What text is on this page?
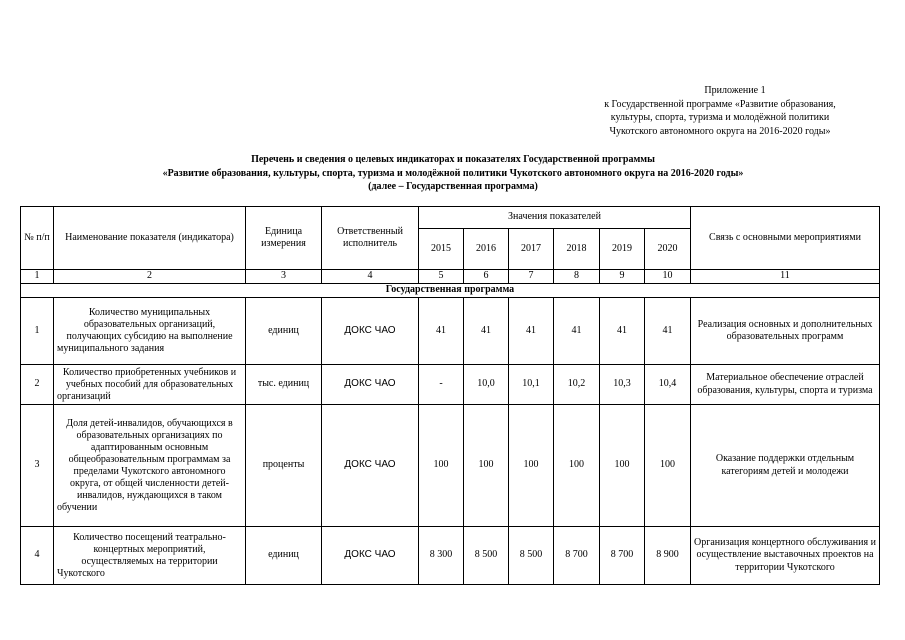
Приложение 1
к Государственной программе «Развитие образования,
культуры, спорта, туризма и молодёжной политики
Чукотского автономного округа на 2016-2020 годы»
Перечень и сведения о целевых индикаторах и показателях Государственной программы
«Развитие образования, культуры, спорта, туризма и молодёжной политики Чукотского автономного округа на 2016-2020 годы»
(далее – Государственная программа)
№ п/п	Наименование показателя (индикатора)	Единица измерения	Ответственный исполнитель	Значения показателей						Связь с основными мероприятиями
				2015	2016	2017	2018	2019	2020	
1	2	3	4	5	6	7	8	9	10	11
Государственная программа										
1	Количество муниципальных образовательных организаций, получающих субсидию на выполнение муниципального задания	единиц	ДОКС ЧАО	41	41	41	41	41	41	Реализация основных и дополнительных образовательных программ
2	Количество приобретенных учебников и учебных пособий для образовательных организаций	тыс. единиц	ДОКС ЧАО	-	10,0	10,1	10,2	10,3	10,4	Материальное обеспечение отраслей образования, культуры, спорта и туризма
3	Доля детей-инвалидов, обучающихся в образовательных организациях по адаптированным основным общеобразовательным программам за пределами Чукотского автономного округа, от общей численности детей-инвалидов, нуждающихся в таком обучении	проценты	ДОКС ЧАО	100	100	100	100	100	100	Оказание поддержки отдельным категориям детей и молодежи
4	Количество посещений театрально-концертных мероприятий, осуществляемых на территории Чукотского	единиц	ДОКС ЧАО	8 300	8 500	8 500	8 700	8 700	8 900	Организация концертного обслуживания и осуществление выставочных проектов на территории Чукотского
